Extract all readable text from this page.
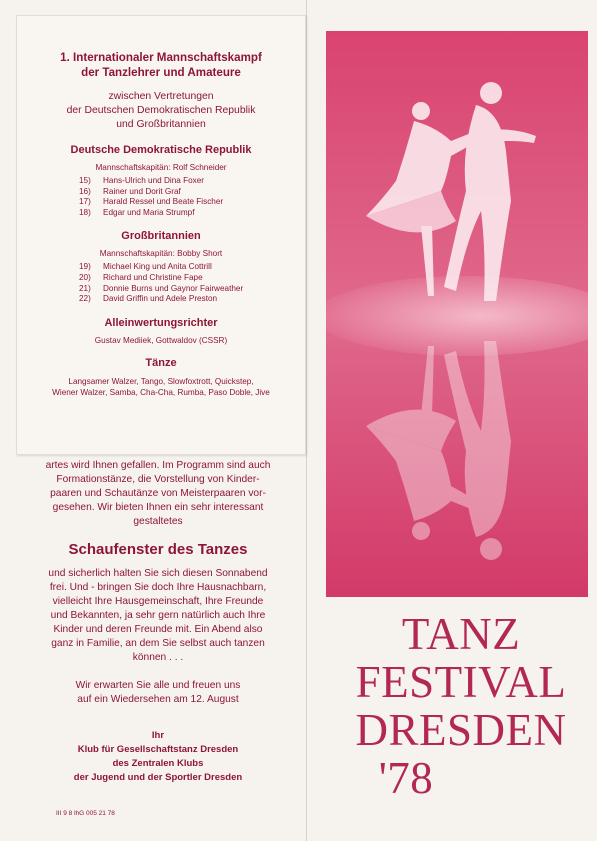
1. Internationaler Mannschaftskampf
der Tanzlehrer und Amateure
zwischen Vertretungen
der Deutschen Demokratischen Republik
und Großbritannien
Deutsche Demokratische Republik
Mannschaftskapitän: Rolf Schneider
15) Hans-Ulrich und Dina Foxer
16) Rainer und Dorit Graf
17) Harald Ressel und Beate Fischer
18) Edgar und Maria Strumpf
Großbritannien
Mannschaftskapitän: Bobby Short
19) Michael King und Anita Cottrill
20) Richard und Christine Fape
21) Donnie Burns und Gaynor Fairweather
22) David Griffin und Adele Preston
Alleinwertungsrichter
Gustav Mediiek, Gottwaldov (CSSR)
Tänze
Langsamer Walzer, Tango, Slowfoxtrott, Quickstep,
Wiener Walzer, Samba, Cha-Cha, Rumba, Paso Doble, Jive
artes wird Ihnen gefallen. Im Programm sind auch
Formationstänze, die Vorstellung von Kinder-
paaren und Schautänze von Meisterpaaren vor-
gesehen. Wir bieten Ihnen ein sehr interessant
gestaltetes
Schaufenster des Tanzes
und sicherlich halten Sie sich diesen Sonnabend
frei. Und - bringen Sie doch Ihre Hausnachbarn,
vielleicht Ihre Hausgemeinschaft, Ihre Freunde
und Bekannten, ja sehr gern natürlich auch Ihre
Kinder und deren Freunde mit. Ein Abend also
ganz in Familie, an dem Sie selbst auch tanzen
können . . .
Wir erwarten Sie alle und freuen uns
auf ein Wiedersehen am 12. August
Ihr
Klub für Gesellschaftstanz Dresden
des Zentralen Klubs
der Jugend und der Sportler Dresden
III 9 8 lhG 005 21 78
TANZ
FESTIVAL
DRESDEN
'78
